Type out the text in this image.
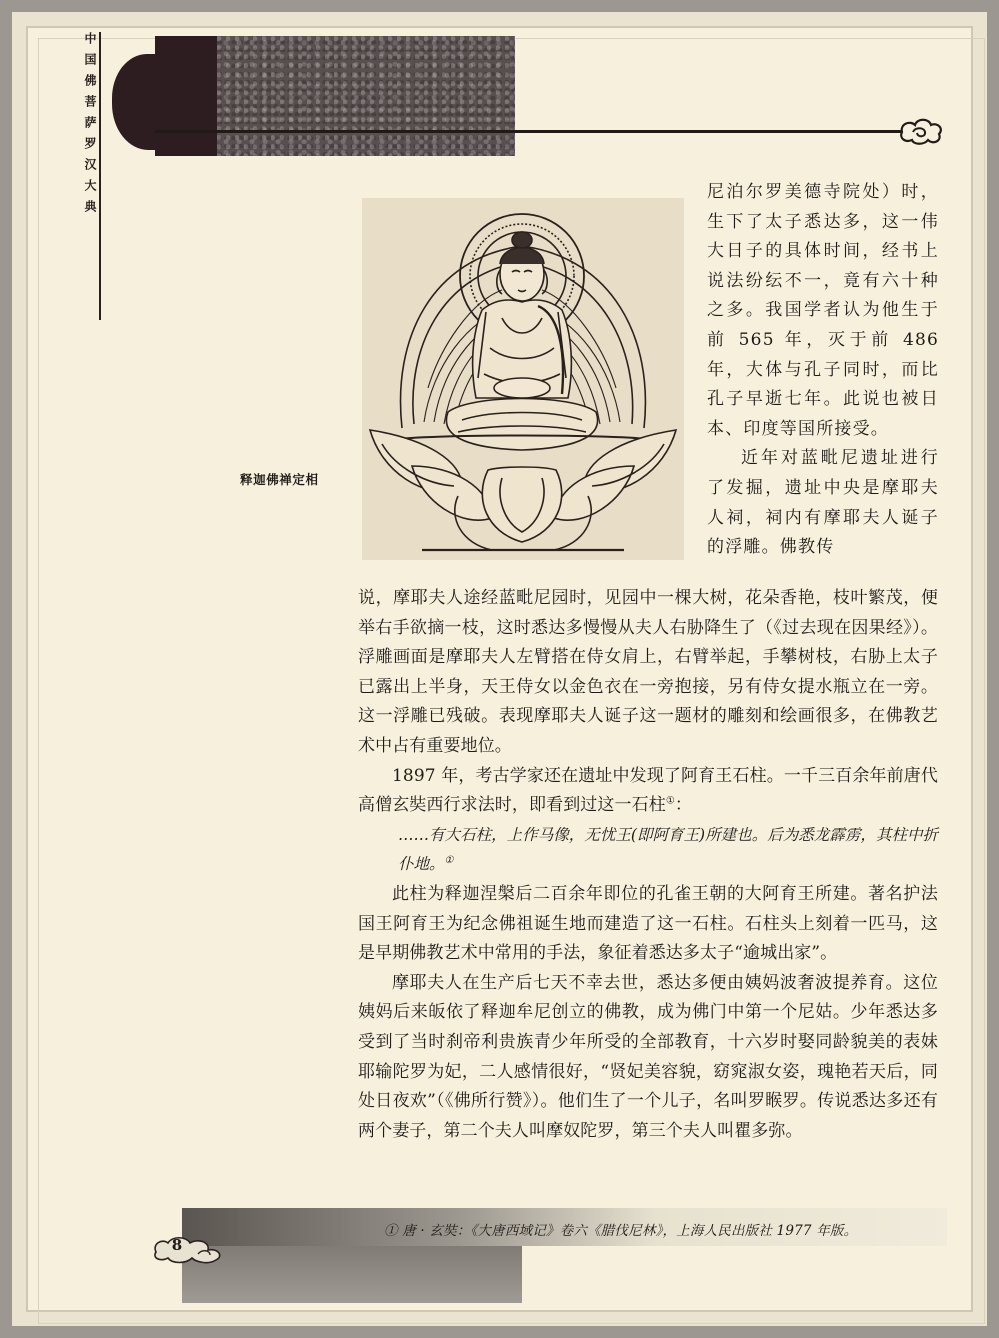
中国佛菩萨罗汉大典
释迦佛禅定相

尼泊尔罗美德寺院处）时，生下了太子悉达多，这一伟大日子的具体时间，经书上说法纷纭不一，竟有六十种之多。我国学者认为他生于前 565 年，灭于前 486 年，大体与孔子同时，而比孔子早逝七年。此说也被日本、印度等国所接受。

近年对蓝毗尼遗址进行了发掘，遗址中央是摩耶夫人祠，祠内有摩耶夫人诞子的浮雕。佛教传

说，摩耶夫人途经蓝毗尼园时，见园中一棵大树，花朵香艳，枝叶繁茂，便举右手欲摘一枝，这时悉达多慢慢从夫人右胁降生了（《过去现在因果经》）。浮雕画面是摩耶夫人左臂搭在侍女肩上，右臂举起，手攀树枝，右胁上太子已露出上半身，天王侍女以金色衣在一旁抱接，另有侍女提水瓶立在一旁。这一浮雕已残破。表现摩耶夫人诞子这一题材的雕刻和绘画很多，在佛教艺术中占有重要地位。

1897 年，考古学家还在遗址中发现了阿育王石柱。一千三百余年前唐代高僧玄奘西行求法时，即看到过这一石柱①：

……有大石柱，上作马像，无忧王(即阿育王)所建也。后为悉龙霹雳，其柱中折仆地。①

此柱为释迦涅槃后二百余年即位的孔雀王朝的大阿育王所建。著名护法国王阿育王为纪念佛祖诞生地而建造了这一石柱。石柱头上刻着一匹马，这是早期佛教艺术中常用的手法，象征着悉达多太子“逾城出家”。

摩耶夫人在生产后七天不幸去世，悉达多便由姨妈波奢波提养育。这位姨妈后来皈依了释迦牟尼创立的佛教，成为佛门中第一个尼姑。少年悉达多受到了当时刹帝利贵族青少年所受的全部教育，十六岁时娶同龄貌美的表妹耶输陀罗为妃，二人感情很好，“贤妃美容貌，窈窕淑女姿，瑰艳若天后，同处日夜欢”（《佛所行赞》）。他们生了一个儿子，名叫罗睺罗。传说悉达多还有两个妻子，第二个夫人叫摩奴陀罗，第三个夫人叫瞿多弥。

① 唐 · 玄奘：《大唐西域记》卷六《腊伐尼林》，上海人民出版社 1977 年版。
8
